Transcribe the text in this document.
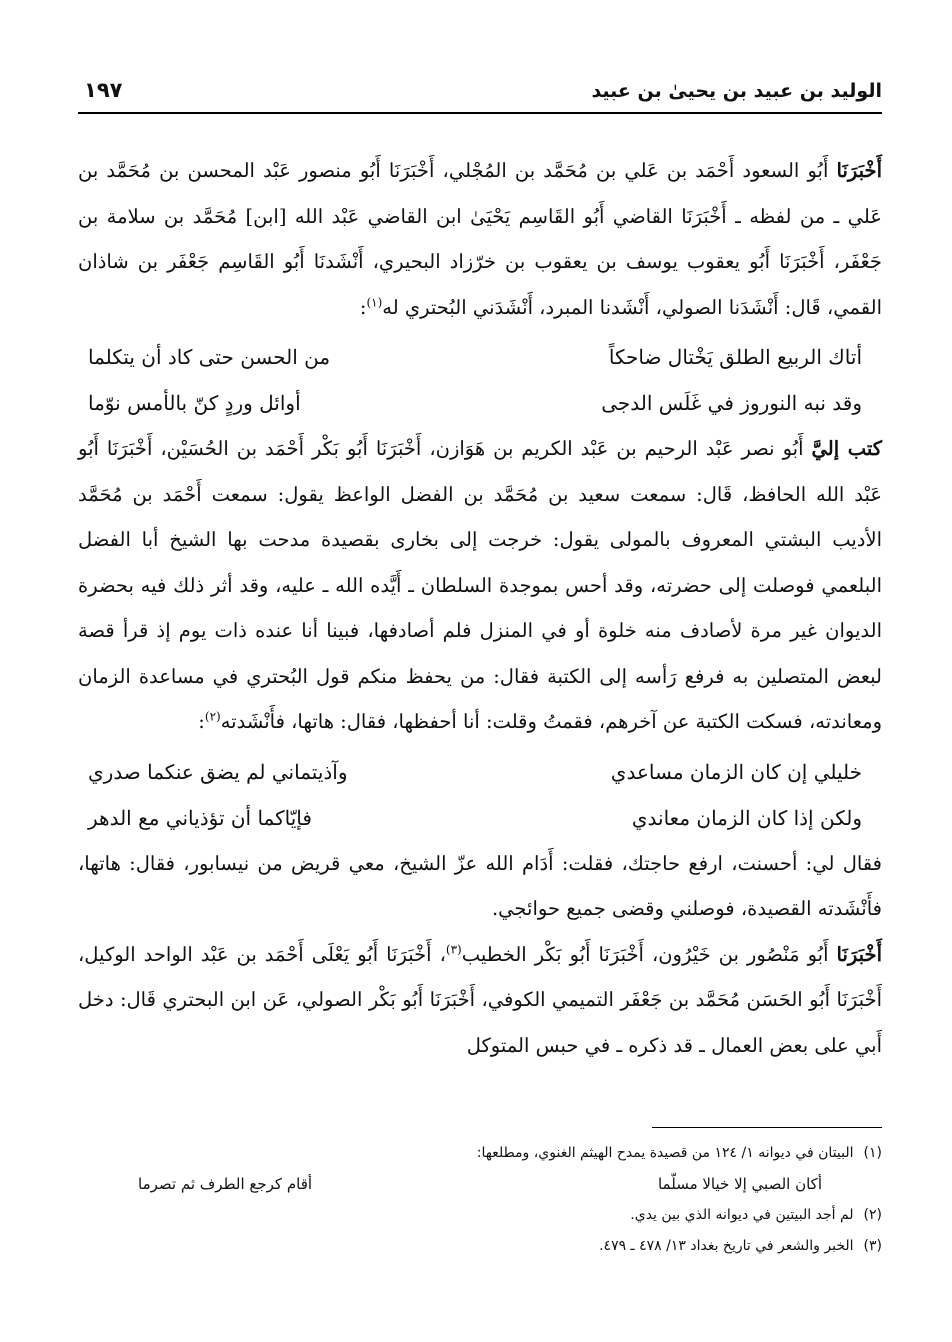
الوليد بن عبيد بن يحيىٰ بن عبيد
١٩٧

أَخْبَرَنَا أَبُو السعود أَحْمَد بن عَلي بن مُحَمَّد بن المُجْلي، أَخْبَرَنَا أَبُو منصور عَبْد المحسن بن مُحَمَّد بن عَلي ـ من لفظه ـ أَخْبَرَنَا القاضي أَبُو القَاسِم يَحْيَىٰ ابن القاضي عَبْد الله [ابن] مُحَمَّد بن سلامة بن جَعْفَر، أَخْبَرَنَا أَبُو يعقوب يوسف بن يعقوب بن خرّزاد البحيري، أَنْشَدنَا أَبُو القَاسِم جَعْفَر بن شاذان القمي، قَال: أَنْشَدَنا الصولي، أَنْشَدنا المبرد، أَنْشَدَني البُحتري له$^{(١)}$:

أتاك الربيع الطلق يَخْتال ضاحكاً
من الحسن حتى كاد أن يتكلما
وقد نبه النوروز في غَلَس الدجى
أوائل وردٍ كنّ بالأمس نوّما

كتب إليَّ أَبُو نصر عَبْد الرحيم بن عَبْد الكريم بن هَوَازن، أَخْبَرَنَا أَبُو بَكْر أَحْمَد بن الحُسَيْن، أَخْبَرَنَا أَبُو عَبْد الله الحافظ، قَال: سمعت سعيد بن مُحَمَّد بن الفضل الواعظ يقول: سمعت أَحْمَد بن مُحَمَّد الأديب البشتي المعروف بالمولى يقول: خرجت إلى بخارى بقصيدة مدحت بها الشيخ أبا الفضل البلعمي فوصلت إلى حضرته، وقد أحس بموجدة السلطان ـ أَيَّده الله ـ عليه، وقد أثر ذلك فيه بحضرة الديوان غير مرة لأصادف منه خلوة أو في المنزل فلم أصادفها، فبينا أنا عنده ذات يوم إذ قرأ قصة لبعض المتصلين به فرفع رَأسه إلى الكتبة فقال: من يحفظ منكم قول البُحتري في مساعدة الزمان ومعاندته، فسكت الكتبة عن آخرهم، فقمتُ وقلت: أنا أحفظها، فقال: هاتها، فأَنْشَدته$^{(٢)}$:

خليلي إن كان الزمان مساعدي
وآذيتماني لم يضق عنكما صدري
ولكن إذا كان الزمان معاندي
فإيّاكما أن تؤذياني مع الدهر

فقال لي: أحسنت، ارفع حاجتك، فقلت: أَدَام الله عزّ الشيخ، معي قريض من نيسابور، فقال: هاتها، فأَنْشَدته القصيدة، فوصلني وقضى جميع حوائجي.

أَخْبَرَنَا أَبُو مَنْصُور بن خَيْرُون، أَخْبَرَنَا أَبُو بَكْر الخطيب$^{(٣)}$، أَخْبَرَنَا أَبُو يَعْلَى أَحْمَد بن عَبْد الواحد الوكيل، أَخْبَرَنَا أَبُو الحَسَن مُحَمَّد بن جَعْفَر التميمي الكوفي، أَخْبَرَنَا أَبُو بَكْر الصولي، عَن ابن البحتري قَال: دخل أَبي على بعض العمال ـ قد ذكره ـ في حبس المتوكل

(١)البيتان في ديوانه ١/ ١٢٤ من قصيدة يمدح الهيثم الغنوي، ومطلعها:

أكان الصبي إلا خيالا مسلّما
أقام كرجع الطرف ثم تصرما

(٢)لم أجد البيتين في ديوانه الذي بين يدي.

(٣)الخبر والشعر في تاريخ بغداد ١٣/ ٤٧٨ ـ ٤٧٩.
